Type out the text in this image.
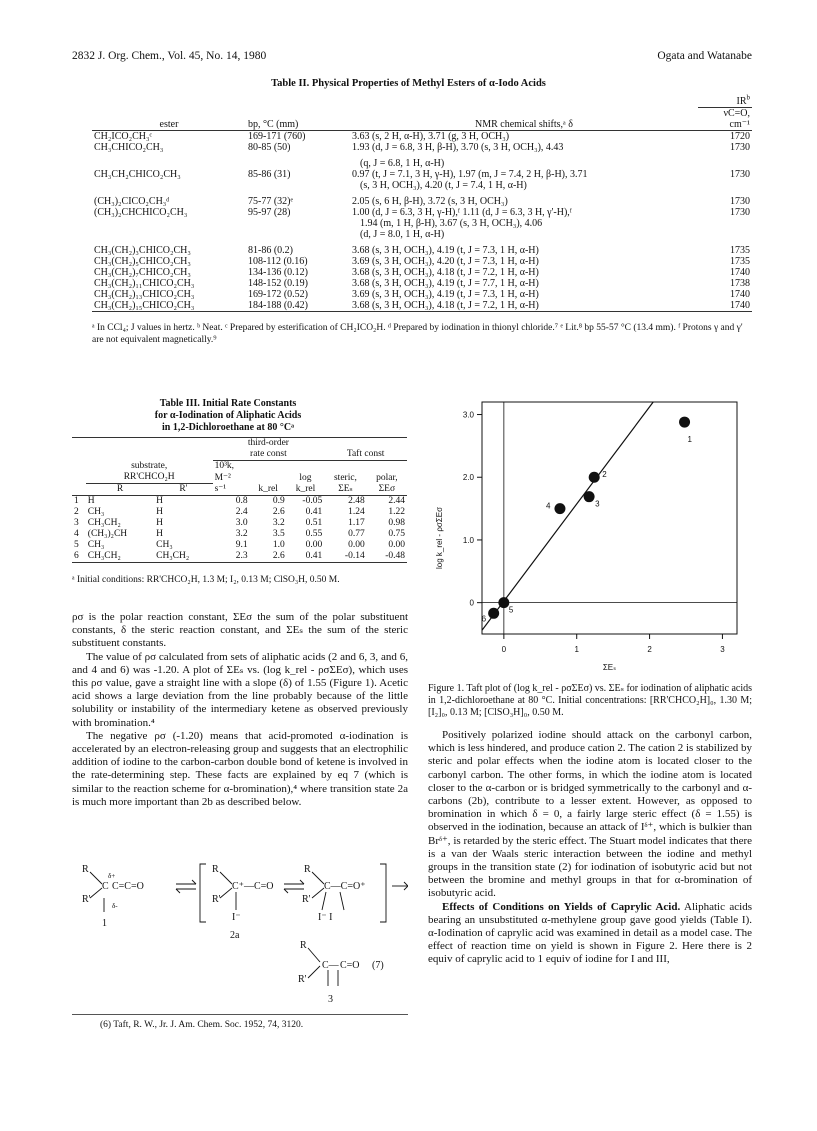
2832 J. Org. Chem., Vol. 45, No. 14, 1980	Ogata and Watanabe
Table II. Physical Properties of Methyl Esters of α-Iodo Acids
			$IR^b$
			νC=O,
ester	bp, °C (mm)	NMR chemical shifts,ᵃ δ	cm⁻¹
CH₂ICO₂CH₃ᶜ	169-171 (760)	3.63 (s, 2 H, α-H), 3.71 (g, 3 H, OCH₃)	1720
CH₃CHICO₂CH₃	80-85 (50)	1.93 (d, J = 6.8, 3 H, β-H), 3.70 (s, 3 H, OCH₃), 4.43	1730

		(q, J = 6.8, 1 H, α-H)	
CH₃CH₂CHICO₂CH₃	85-86 (31)	0.97 (t, J = 7.1, 3 H, γ-H), 1.97 (m, J = 7.4, 2 H, β-H), 3.71	1730
		(s, 3 H, OCH₃), 4.20 (t, J = 7.4, 1 H, α-H)	

(CH₃)₂CICO₂CH₃ᵈ	75-77 (32)ᵉ	2.05 (s, 6 H, β-H), 3.72 (s, 3 H, OCH₃)	1730
(CH₃)₂CHCHICO₂CH₃	95-97 (28)	1.00 (d, J = 6.3, 3 H, γ-H),ᶠ 1.11 (d, J = 6.3, 3 H, γ'-H),ᶠ	1730
		1.94 (m, 1 H, β-H), 3.67 (s, 3 H, OCH₃), 4.06	
		(d, J = 8.0, 1 H, α-H)	

CH₃(CH₂)₃CHICO₂CH₃	81-86 (0.2)	3.68 (s, 3 H, OCH₃), 4.19 (t, J = 7.3, 1 H, α-H)	1735
CH₃(CH₂)₅CHICO₂CH₃	108-112 (0.16)	3.69 (s, 3 H, OCH₃), 4.20 (t, J = 7.3, 1 H, α-H)	1735
CH₃(CH₂)₇CHICO₂CH₃	134-136 (0.12)	3.68 (s, 3 H, OCH₃), 4.18 (t, J = 7.2, 1 H, α-H)	1740
CH₃(CH₂)₁₁CHICO₂CH₃	148-152 (0.19)	3.68 (s, 3 H, OCH₃), 4.19 (t, J = 7.7, 1 H, α-H)	1738
CH₃(CH₂)₁₃CHICO₂CH₃	169-172 (0.52)	3.69 (s, 3 H, OCH₃), 4.19 (t, J = 7.3, 1 H, α-H)	1740
CH₃(CH₂)₁₅CHICO₂CH₃	184-188 (0.42)	3.68 (s, 3 H, OCH₃), 4.18 (t, J = 7.2, 1 H, α-H)	1740
ᵃ In CCl₄; J values in hertz. ᵇ Neat. ᶜ Prepared by esterification of CH₂ICO₂H. ᵈ Prepared by iodination in thionyl chloride.⁷ ᵉ Lit.⁸ bp 55-57 °C (13.4 mm). ᶠ Protons γ and γ' are not equivalent magnetically.⁹
Table III. Initial Rate Constants
for α-Iodination of Aliphatic Acids
in 1,2-Dichloroethane at 80 °Cᵃ
			third-order				
			rate const			Taft const	
	substrate,		10³k,				
	RR'CHCO₂H		M⁻²		log	steric,	polar,
	R	R'	s⁻¹	k_rel	k_rel	ΣEₛ	ΣEσ
1	H	H	0.8	0.9	-0.05	2.48	2.44
2	CH₃	H	2.4	2.6	0.41	1.24	1.22
3	CH₃CH₂	H	3.0	3.2	0.51	1.17	0.98
4	(CH₃)₂CH	H	3.2	3.5	0.55	0.77	0.75
5	CH₃	CH₃	9.1	1.0	0.00	0.00	0.00
6	CH₃CH₂	CH₃CH₂	2.3	2.6	0.41	-0.14	-0.48
ᵃ Initial conditions: RR'CHCO₂H, 1.3 M; I₂, 0.13 M; ClSO₃H, 0.50 M.

ρσ is the polar reaction constant, ΣEσ the sum of the polar substituent constants, δ the steric reaction constant, and ΣEₛ the sum of the steric substituent constants.

The value of ρσ calculated from sets of aliphatic acids (2 and 6, 3, and 6, and 4 and 6) was -1.20. A plot of ΣEₛ vs. (log k_rel - ρσΣEσ), which uses this ρσ value, gave a straight line with a slope (δ) of 1.55 (Figure 1). Acetic acid shows a large deviation from the line probably because of the little solubility or instability of the intermediary ketene as observed previously with bromination.⁴

The negative ρσ (-1.20) means that acid-promoted α-iodination is accelerated by an electron-releasing group and suggests that an electrophilic addition of iodine to the carbon-carbon double bond of ketene is involved in the rate-determining step. These facts are explained by eq 7 (which is similar to the reaction scheme for α-bromination),⁴ where transition state 2a is much more important than 2b as described below.

R
R'
C C=C=O
δ+
δ-
1
R
R'
C⁺—C=O
I⁻
R
R'
C—C=O⁺
I⁻ I
2a
R
R'
C— C=O (7)
3
(6) Taft, R. W., Jr. J. Am. Chem. Soc. 1952, 74, 3120.
0	1	2	3
0
1.0
2.0
3.0
1
2
3
4
5
6
ΣEₛ
log k_rel - ρσΣEσ
Figure 1. Taft plot of (log k_rel - ρσΣEσ) vs. ΣEₛ for iodination of aliphatic acids in 1,2-dichloroethane at 80 °C. Initial concentrations: [RR'CHCO₂H]₀, 1.30 M; [I₂]₀, 0.13 M; [ClSO₃H]₀, 0.50 M.

Positively polarized iodine should attack on the carbonyl carbon, which is less hindered, and produce cation 2. The cation 2 is stabilized by steric and polar effects when the iodine atom is located closer to the carbonyl carbon. The other forms, in which the iodine atom is located closer to the α-carbon or is bridged symmetrically to the carbonyl and α-carbons (2b), contribute to a lesser extent. However, as opposed to bromination in which δ = 0, a fairly large steric effect (δ = 1.55) is observed in the iodination, because an attack of Iᵟ⁺, which is bulkier than Brᵟ⁺, is retarded by the steric effect. The Stuart model indicates that there is a van der Waals steric interaction between the iodine and methyl groups in the transition state (2) for iodination of isobutyric acid but not between the bromine and methyl groups in that for α-bromination of isobutyric acid.

Effects of Conditions on Yields of Caprylic Acid. Aliphatic acids bearing an unsubstituted α-methylene group gave good yields (Table I). α-Iodination of caprylic acid was examined in detail as a model case. The effect of reaction time on yield is shown in Figure 2. Here there is 2 equiv of caprylic acid to 1 equiv of iodine for I and III,
